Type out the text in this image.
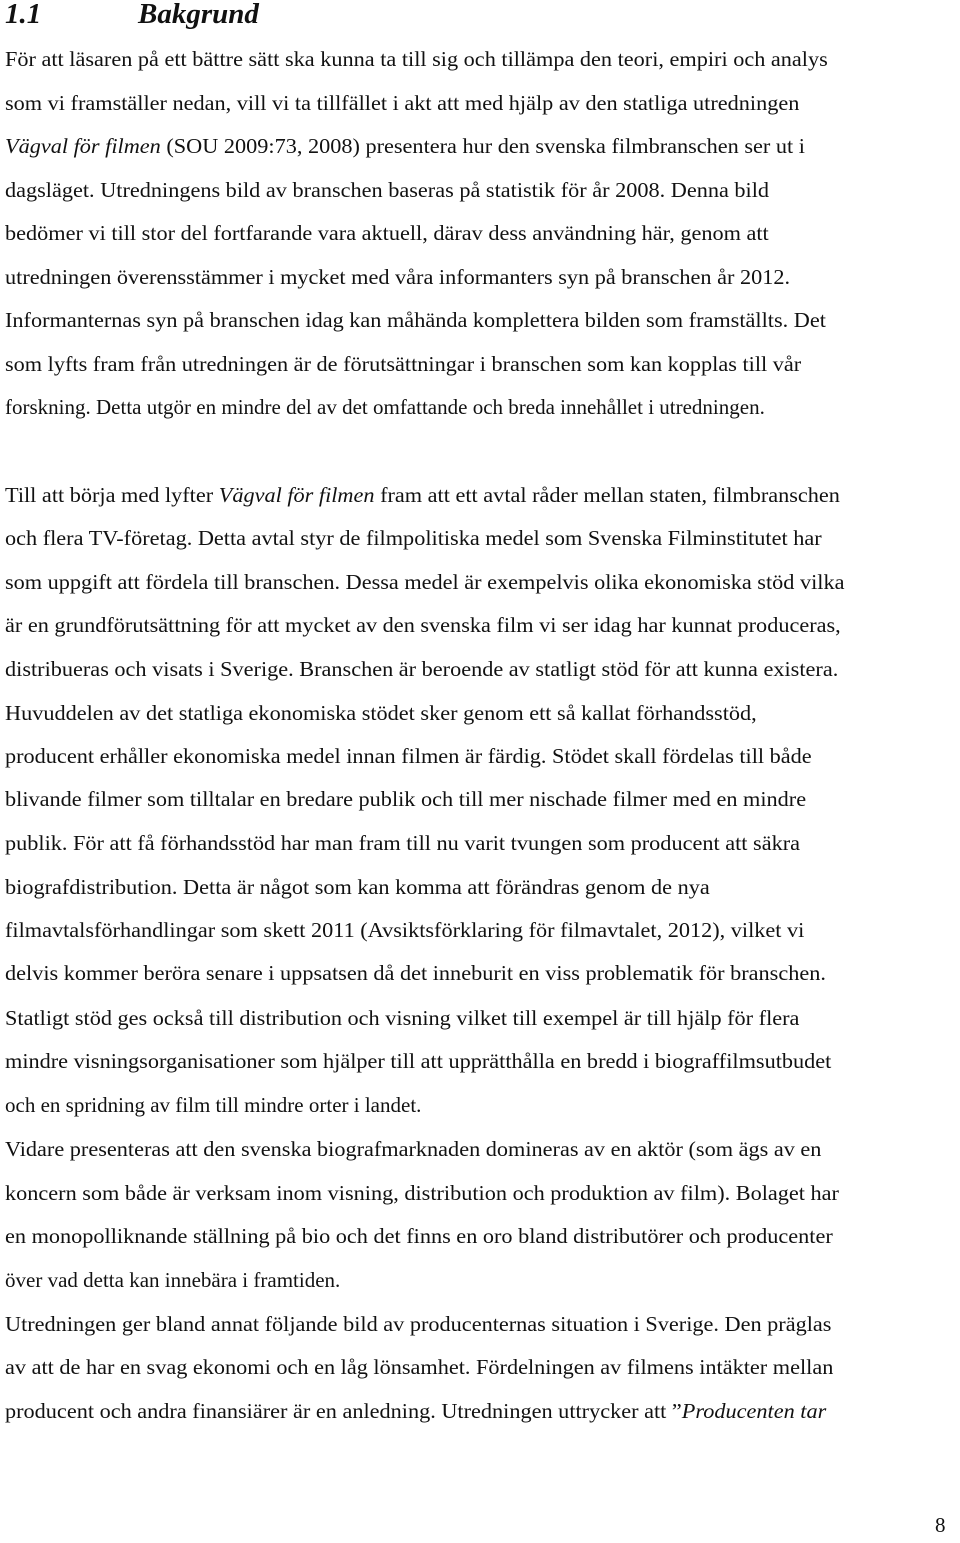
1.1	Bakgrund

För att läsaren på ett bättre sätt ska kunna ta till sig och tillämpa den teori, empiri och analys

som vi framställer nedan, vill vi ta tillfället i akt att med hjälp av den statliga utredningen

Vägval för filmen (SOU 2009:73, 2008) presentera hur den svenska filmbranschen ser ut i

dagsläget. Utredningens bild av branschen baseras på statistik för år 2008. Denna bild

bedömer vi till stor del fortfarande vara aktuell, därav dess användning här, genom att

utredningen överensstämmer i mycket med våra informanters syn på branschen år 2012.

Informanternas syn på branschen idag kan måhända komplettera bilden som framställts. Det

som lyfts fram från utredningen är de förutsättningar i branschen som kan kopplas till vår

forskning. Detta utgör en mindre del av det omfattande och breda innehållet i utredningen.

Till att börja med lyfter Vägval för filmen fram att ett avtal råder mellan staten, filmbranschen

och flera TV-företag. Detta avtal styr de filmpolitiska medel som Svenska Filminstitutet har

som uppgift att fördela till branschen. Dessa medel är exempelvis olika ekonomiska stöd vilka

är en grundförutsättning för att mycket av den svenska film vi ser idag har kunnat produceras,

distribueras och visats i Sverige. Branschen är beroende av statligt stöd för att kunna existera.

Huvuddelen av det statliga ekonomiska stödet sker genom ett så kallat förhandsstöd,

producent erhåller ekonomiska medel innan filmen är färdig. Stödet skall fördelas till både

blivande filmer som tilltalar en bredare publik och till mer nischade filmer med en mindre

publik. För att få förhandsstöd har man fram till nu varit tvungen som producent att säkra

biografdistribution. Detta är något som kan komma att förändras genom de nya

filmavtalsförhandlingar som skett 2011 (Avsiktsförklaring för filmavtalet, 2012), vilket vi

delvis kommer beröra senare i uppsatsen då det inneburit en viss problematik för branschen.

Statligt stöd ges också till distribution och visning vilket till exempel är till hjälp för flera

mindre visningsorganisationer som hjälper till att upprätthålla en bredd i biograffilmsutbudet

och en spridning av film till mindre orter i landet.

Vidare presenteras att den svenska biografmarknaden domineras av en aktör (som ägs av en

koncern som både är verksam inom visning, distribution och produktion av film). Bolaget har

en monopolliknande ställning på bio och det finns en oro bland distributörer och producenter

över vad detta kan innebära i framtiden.

Utredningen ger bland annat följande bild av producenternas situation i Sverige. Den präglas

av att de har en svag ekonomi och en låg lönsamhet. Fördelningen av filmens intäkter mellan

producent och andra finansiärer är en anledning. Utredningen uttrycker att ”Producenten tar

8
